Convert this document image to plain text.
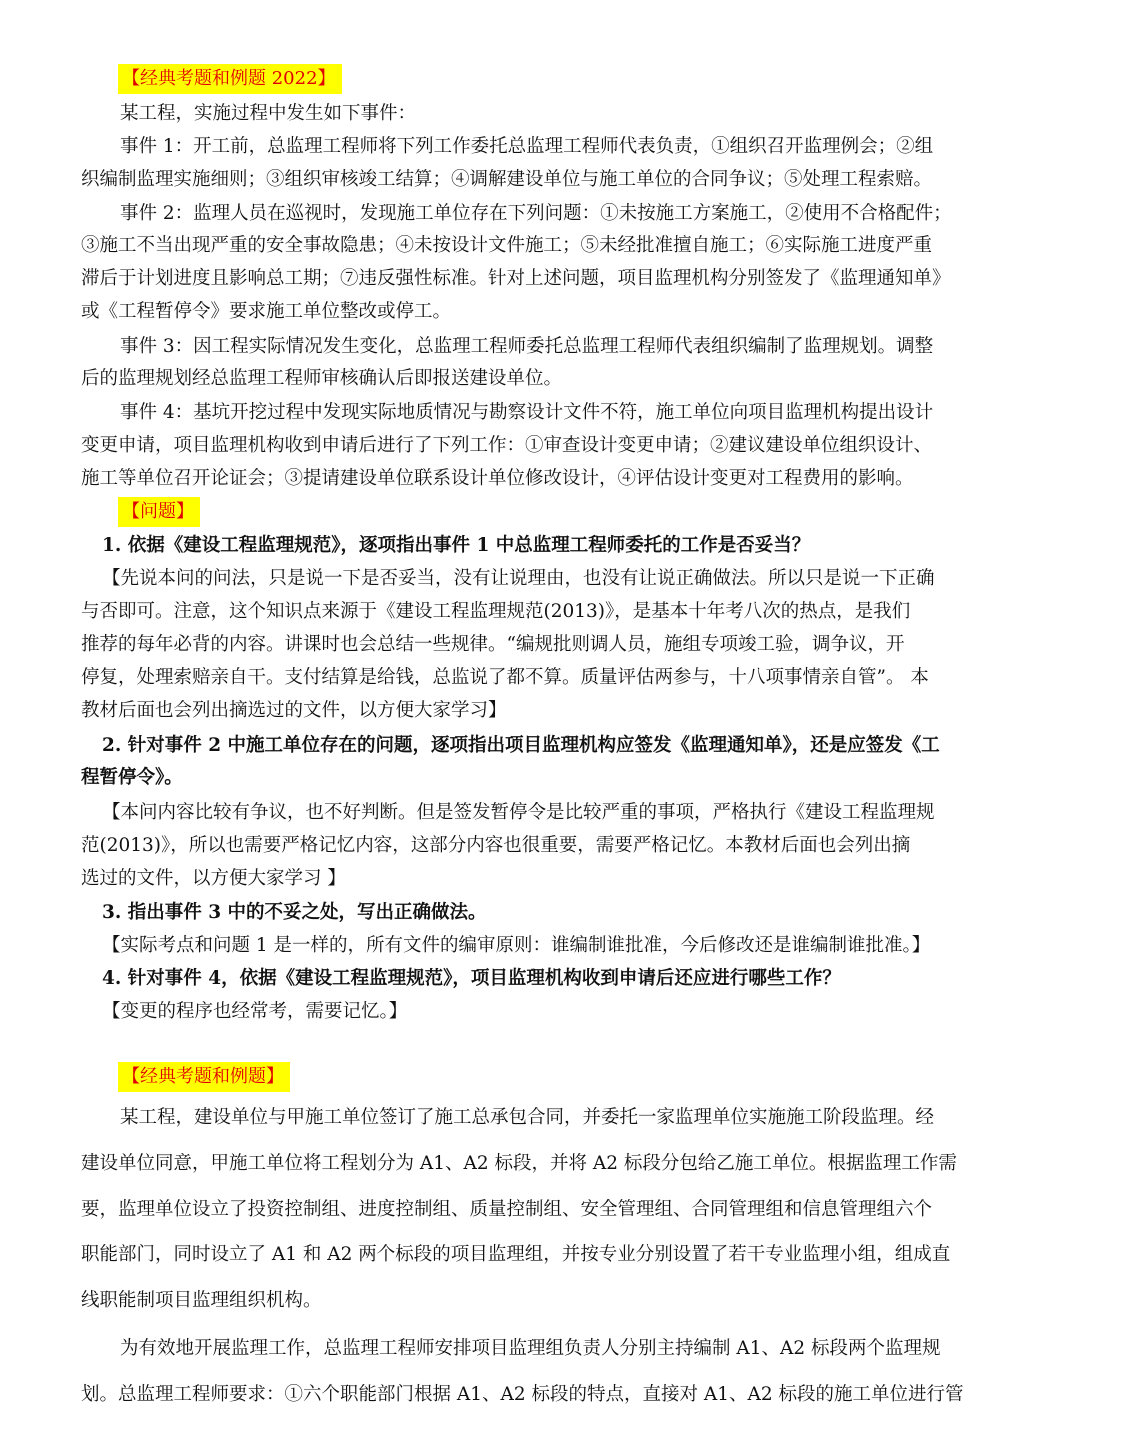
【经典考题和例题 2022】
某工程，实施过程中发生如下事件：
事件 1：开工前，总监理工程师将下列工作委托总监理工程师代表负责，①组织召开监理例会；②组
织编制监理实施细则；③组织审核竣工结算；④调解建设单位与施工单位的合同争议；⑤处理工程索赔。
事件 2：监理人员在巡视时，发现施工单位存在下列问题：①未按施工方案施工，②使用不合格配件；
③施工不当出现严重的安全事故隐患；④未按设计文件施工；⑤未经批准擅自施工；⑥实际施工进度严重
滞后于计划进度且影响总工期；⑦违反强性标准。针对上述问题，项目监理机构分别签发了《监理通知单》
或《工程暂停令》要求施工单位整改或停工。
事件 3：因工程实际情况发生变化，总监理工程师委托总监理工程师代表组织编制了监理规划。调整
后的监理规划经总监理工程师审核确认后即报送建设单位。
事件 4：基坑开挖过程中发现实际地质情况与勘察设计文件不符，施工单位向项目监理机构提出设计
变更申请，项目监理机构收到申请后进行了下列工作：①审查设计变更申请；②建议建设单位组织设计、
施工等单位召开论证会；③提请建设单位联系设计单位修改设计，④评估设计变更对工程费用的影响。
【问题】
1. 依据《建设工程监理规范》，逐项指出事件 1 中总监理工程师委托的工作是否妥当？
【先说本问的问法，只是说一下是否妥当，没有让说理由，也没有让说正确做法。所以只是说一下正确
与否即可。注意，这个知识点来源于《建设工程监理规范(2013)》，是基本十年考八次的热点，是我们
推荐的每年必背的内容。讲课时也会总结一些规律。“编规批则调人员，施组专项竣工验，调争议，开
停复，处理索赔亲自干。支付结算是给钱，总监说了都不算。质量评估两参与，十八项事情亲自管”。 本
教材后面也会列出摘选过的文件，以方便大家学习】
2. 针对事件 2 中施工单位存在的问题，逐项指出项目监理机构应签发《监理通知单》，还是应签发《工
程暂停令》。
【本问内容比较有争议，也不好判断。但是签发暂停令是比较严重的事项，严格执行《建设工程监理规
范(2013)》，所以也需要严格记忆内容，这部分内容也很重要，需要严格记忆。本教材后面也会列出摘
选过的文件，以方便大家学习 】
3. 指出事件 3 中的不妥之处，写出正确做法。
【实际考点和问题 1 是一样的，所有文件的编审原则：谁编制谁批准，今后修改还是谁编制谁批准。】
4. 针对事件 4，依据《建设工程监理规范》，项目监理机构收到申请后还应进行哪些工作？
【变更的程序也经常考，需要记忆。】
【经典考题和例题】
某工程，建设单位与甲施工单位签订了施工总承包合同，并委托一家监理单位实施施工阶段监理。经
建设单位同意，甲施工单位将工程划分为 A1、A2 标段，并将 A2 标段分包给乙施工单位。根据监理工作需
要，监理单位设立了投资控制组、进度控制组、质量控制组、安全管理组、合同管理组和信息管理组六个
职能部门，同时设立了 A1 和 A2 两个标段的项目监理组，并按专业分别设置了若干专业监理小组，组成直
线职能制项目监理组织机构。
为有效地开展监理工作，总监理工程师安排项目监理组负责人分别主持编制 A1、A2 标段两个监理规
划。总监理工程师要求：①六个职能部门根据 A1、A2 标段的特点，直接对 A1、A2 标段的施工单位进行管
